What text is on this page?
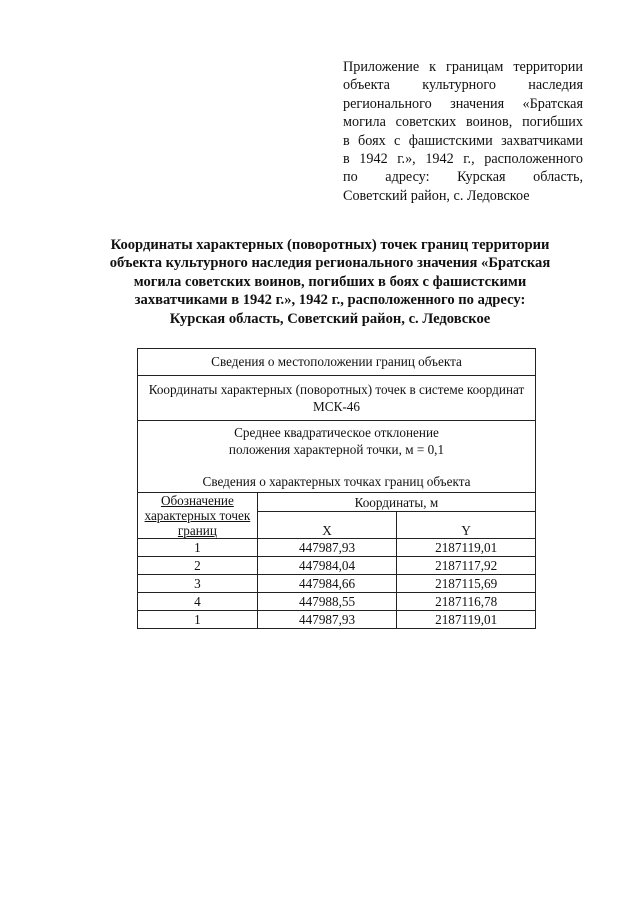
Приложение к границам территории
объекта культурного наследия
регионального значения «Братская
могила советских воинов, погибших
в боях с фашистскими захватчиками
в 1942 г.», 1942 г., расположенного
по адресу: Курская область,
Советский район, с. Ледовское
Координаты характерных (поворотных) точек границ территории
объекта культурного наследия регионального значения «Братская
могила советских воинов, погибших в боях с фашистскими
захватчиками в 1942 г.», 1942 г., расположенного по адресу:
Курская область, Советский район, с. Ледовское
Сведения о местоположении границ объекта		

Координаты характерных (поворотных) точек в системе координат
МСК-46		

Среднее квадратическое отклонение
положения характерной точки, м = 0,1
Сведения о характерных точках границ объекта		

Обозначение
характерных точек
границ	Координаты, м	
	X	Y
1	447987,93	2187119,01
2	447984,04	2187117,92
3	447984,66	2187115,69
4	447988,55	2187116,78
1	447987,93	2187119,01
